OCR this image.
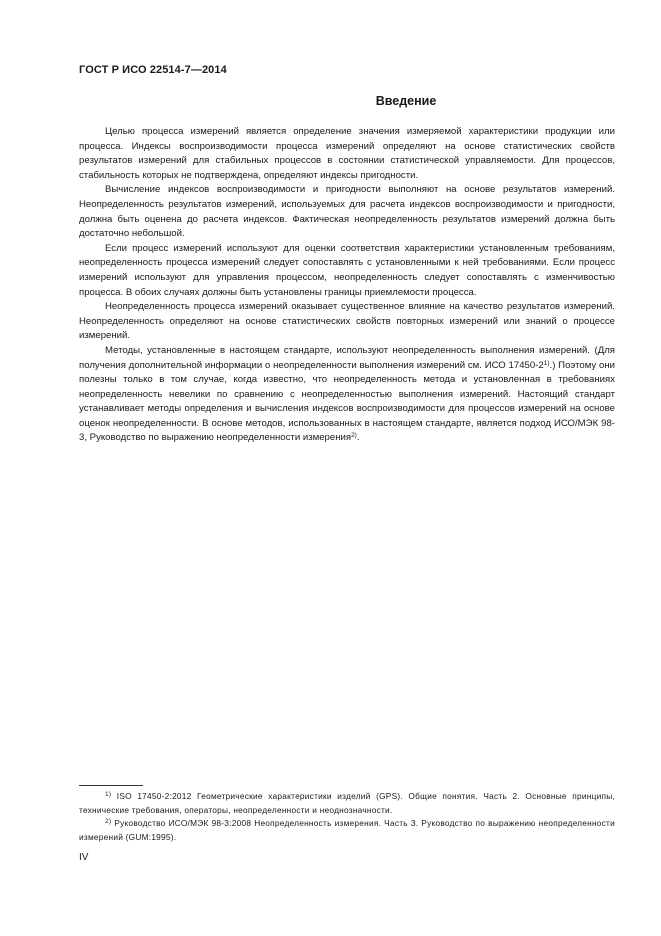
ГОСТ Р ИСО 22514-7—2014
Введение

Целью процесса измерений является определение значения измеряемой характеристики продукции или процесса. Индексы воспроизводимости процесса измерений определяют на основе статистических свойств результатов измерений для стабильных процессов в состоянии статистической управляемости. Для процессов, стабильность которых не подтверждена, определяют индексы пригодности.

Вычисление индексов воспроизводимости и пригодности выполняют на основе результатов измерений. Неопределенность результатов измерений, используемых для расчета индексов воспроизводимости и пригодности, должна быть оценена до расчета индексов. Фактическая неопределенность результатов измерений должна быть достаточно небольшой.

Если процесс измерений используют для оценки соответствия характеристики установленным требованиям, неопределенность процесса измерений следует сопоставлять с установленными к ней требованиями. Если процесс измерений используют для управления процессом, неопределенность следует сопоставлять с изменчивостью процесса. В обоих случаях должны быть установлены границы приемлемости процесса.

Неопределенность процесса измерений оказывает существенное влияние на качество результатов измерений. Неопределенность определяют на основе статистических свойств повторных измерений или знаний о процессе измерений.

Методы, установленные в настоящем стандарте, используют неопределенность выполнения измерений. (Для получения дополнительной информации о неопределенности выполнения измерений см. ИСО 17450-2$^{1)}$.) Поэтому они полезны только в том случае, когда известно, что неопределенность метода и установленная в требованиях неопределенность невелики по сравнению с неопределенностью выполнения измерений. Настоящий стандарт устанавливает методы определения и вычисления индексов воспроизводимости для процессов измерений на основе оценок неопределенности. В основе методов, использованных в настоящем стандарте, является подход ИСО/МЭК 98-3, Руководство по выражению неопределенности измерения$^{2)}$.

$^{1)}$ ISO 17450-2:2012 Геометрические характеристики изделий (GPS). Общие понятия. Часть 2. Основные принципы, технические требования, операторы, неопределенности и неоднозначности.

$^{2)}$ Руководство ИСО/МЭК 98-3:2008 Неопределенность измерения. Часть 3. Руководство по выражению неопределенности измерений (GUM:1995).

IV
